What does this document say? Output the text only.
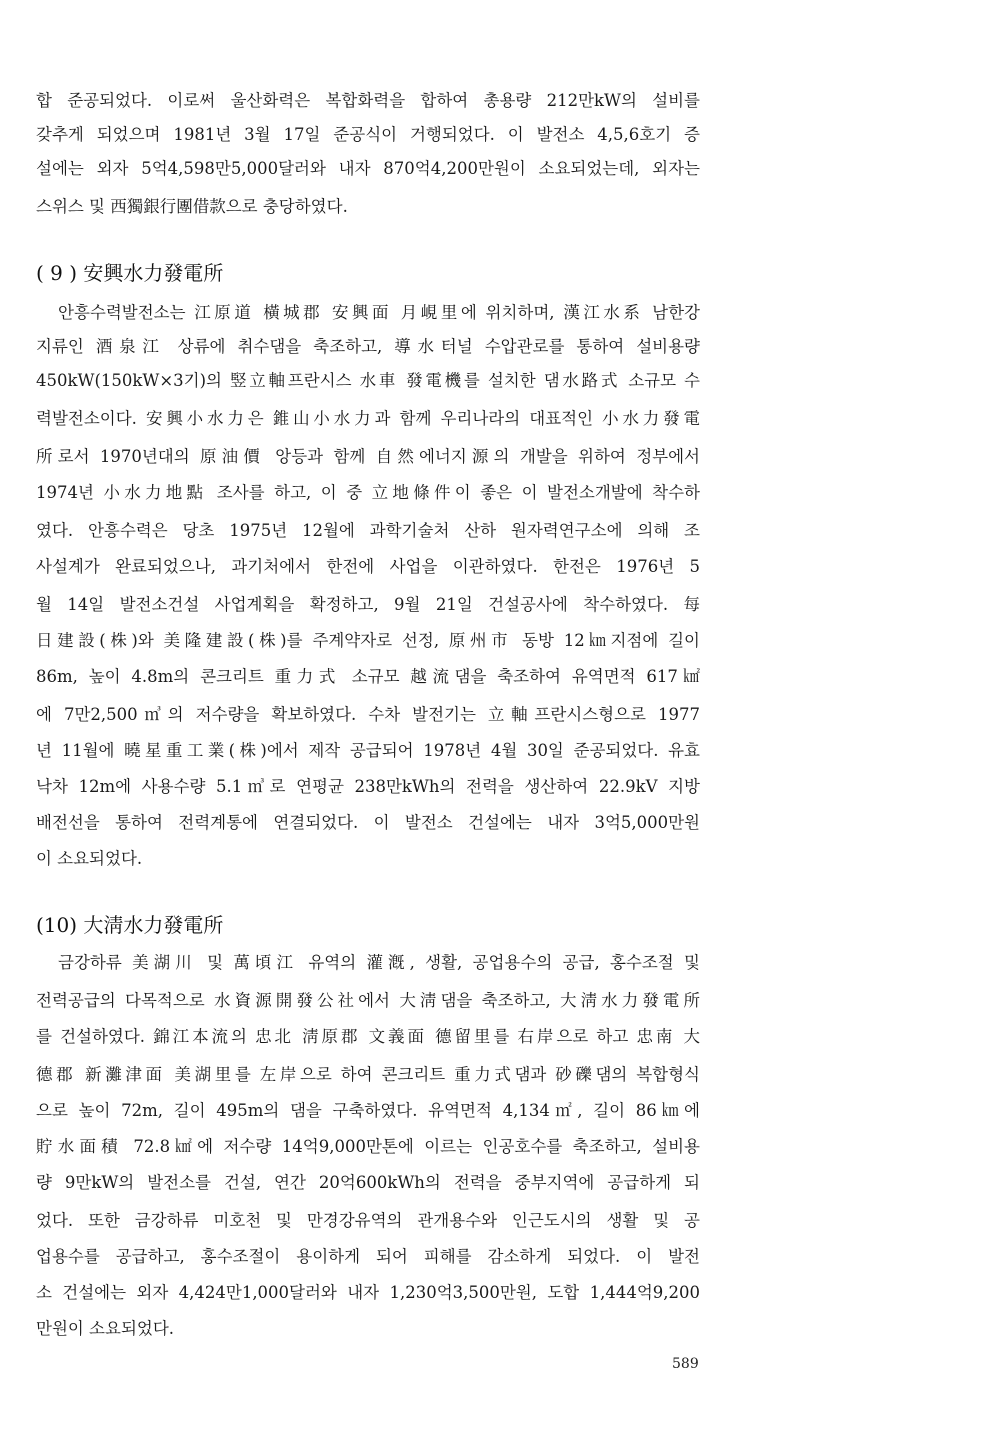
합 준공되었다. 이로써 울산화력은 복합화력을 합하여 총용량 212만kW의 설비를
갖추게 되었으며 1981년 3월 17일 준공식이 거행되었다. 이 발전소 4,5,6호기 증
설에는 외자 5억4,598만5,000달러와 내자 870억4,200만원이 소요되었는데, 외자는
스위스 및 西獨銀行團借款으로 충당하였다.
( 9 ) 安興水力發電所
안흥수력발전소는 江原道 橫城郡 安興面 月峴里에 위치하며, 漢江水系 남한강
지류인 酒泉江 상류에 취수댐을 축조하고, 導水터널 수압관로를 통하여 설비용량
450kW(150kW×3기)의 竪立軸프란시스 水車 發電機를 설치한 댐水路式 소규모 수
력발전소이다. 安興小水力은 錐山小水力과 함께 우리나라의 대표적인 小水力發電
所로서 1970년대의 原油價 앙등과 함께 自然에너지源의 개발을 위하여 정부에서
1974년 小水力地點 조사를 하고, 이 중 立地條件이 좋은 이 발전소개발에 착수하
였다. 안흥수력은 당초 1975년 12월에 과학기술처 산하 원자력연구소에 의해 조
사설계가 완료되었으나, 과기처에서 한전에 사업을 이관하였다. 한전은 1976년 5
월 14일 발전소건설 사업계획을 확정하고, 9월 21일 건설공사에 착수하였다. 每
日建設(株)와 美隆建設(株)를 주계약자로 선정, 原州市 동방 12㎞지점에 길이
86m, 높이 4.8m의 콘크리트 重力式 소규모 越流댐을 축조하여 유역면적 617㎢
에 7만2,500㎥의 저수량을 확보하였다. 수차 발전기는 立軸프란시스형으로 1977
년 11월에 曉星重工業(株)에서 제작 공급되어 1978년 4월 30일 준공되었다. 유효
낙차 12m에 사용수량 5.1㎥로 연평균 238만kWh의 전력을 생산하여 22.9kV 지방
배전선을 통하여 전력계통에 연결되었다. 이 발전소 건설에는 내자 3억5,000만원
이 소요되었다.
(10) 大淸水力發電所
금강하류 美湖川 및 萬頃江 유역의 灌漑, 생활, 공업용수의 공급, 홍수조절 및
전력공급의 다목적으로 水資源開發公社에서 大淸댐을 축조하고, 大淸水力發電所
를 건설하였다. 錦江本流의 忠北 淸原郡 文義面 德留里를 右岸으로 하고 忠南 大
德郡 新灘津面 美湖里를 左岸으로 하여 콘크리트 重力式댐과 砂礫댐의 복합형식
으로 높이 72m, 길이 495m의 댐을 구축하였다. 유역면적 4,134㎡, 길이 86㎞에
貯水面積 72.8㎢에 저수량 14억9,000만톤에 이르는 인공호수를 축조하고, 설비용
량 9만kW의 발전소를 건설, 연간 20억600kWh의 전력을 중부지역에 공급하게 되
었다. 또한 금강하류 미호천 및 만경강유역의 관개용수와 인근도시의 생활 및 공
업용수를 공급하고, 홍수조절이 용이하게 되어 피해를 감소하게 되었다. 이 발전
소 건설에는 외자 4,424만1,000달러와 내자 1,230억3,500만원, 도합 1,444억9,200
만원이 소요되었다.
589
